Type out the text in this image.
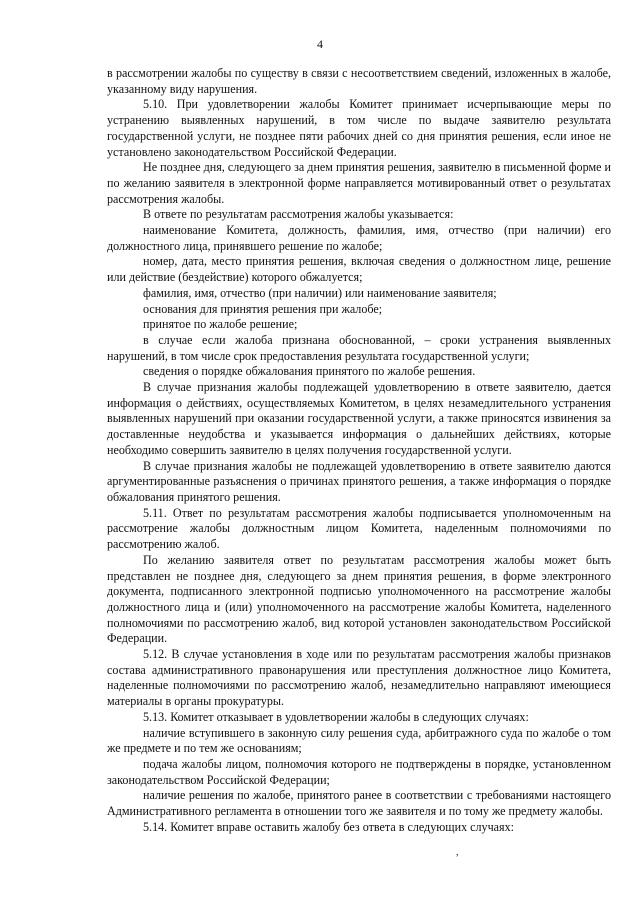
4

в рассмотрении жалобы по существу в связи с несоответствием сведений, изложенных в жалобе, указанному виду нарушения.

5.10. При удовлетворении жалобы Комитет принимает исчерпывающие меры по устранению выявленных нарушений, в том числе по выдаче заявителю результата государственной услуги, не позднее пяти рабочих дней со дня принятия решения, если иное не установлено законодательством Российской Федерации.

Не позднее дня, следующего за днем принятия решения, заявителю в письменной форме и по желанию заявителя в электронной форме направляется мотивированный ответ о результатах рассмотрения жалобы.

В ответе по результатам рассмотрения жалобы указывается:

наименование Комитета, должность, фамилия, имя, отчество (при наличии) его должностного лица, принявшего решение по жалобе;

номер, дата, место принятия решения, включая сведения о должностном лице, решение или действие (бездействие) которого обжалуется;

фамилия, имя, отчество (при наличии) или наименование заявителя;

основания для принятия решения при жалобе;

принятое по жалобе решение;

в случае если жалоба признана обоснованной, – сроки устранения выявленных нарушений, в том числе срок предоставления результата государственной услуги;

сведения о порядке обжалования принятого по жалобе решения.

В случае признания жалобы подлежащей удовлетворению в ответе заявителю, дается информация о действиях, осуществляемых Комитетом, в целях незамедлительного устранения выявленных нарушений при оказании государственной услуги, а также приносятся извинения за доставленные неудобства и указывается информация о дальнейших действиях, которые необходимо совершить заявителю в целях получения государственной услуги.

В случае признания жалобы не подлежащей удовлетворению в ответе заявителю даются аргументированные разъяснения о причинах принятого решения, а также информация о порядке обжалования принятого решения.

5.11. Ответ по результатам рассмотрения жалобы подписывается уполномоченным на рассмотрение жалобы должностным лицом Комитета, наделенным полномочиями по рассмотрению жалоб.

По желанию заявителя ответ по результатам рассмотрения жалобы может быть представлен не позднее дня, следующего за днем принятия решения, в форме электронного документа, подписанного электронной подписью уполномоченного на рассмотрение жалобы должностного лица и (или) уполномоченного на рассмотрение жалобы Комитета, наделенного полномочиями по рассмотрению жалоб, вид которой установлен законодательством Российской Федерации.

5.12. В случае установления в ходе или по результатам рассмотрения жалобы признаков состава административного правонарушения или преступления должностное лицо Комитета, наделенные полномочиями по рассмотрению жалоб, незамедлительно направляют имеющиеся материалы в органы прокуратуры.

5.13. Комитет отказывает в удовлетворении жалобы в следующих случаях:

наличие вступившего в законную силу решения суда, арбитражного суда по жалобе о том же предмете и по тем же основаниям;

подача жалобы лицом, полномочия которого не подтверждены в порядке, установленном законодательством Российской Федерации;

наличие решения по жалобе, принятого ранее в соответствии с требованиями настоящего Административного регламента в отношении того же заявителя и по тому же предмету жалобы.

5.14. Комитет вправе оставить жалобу без ответа в следующих случаях:

,
